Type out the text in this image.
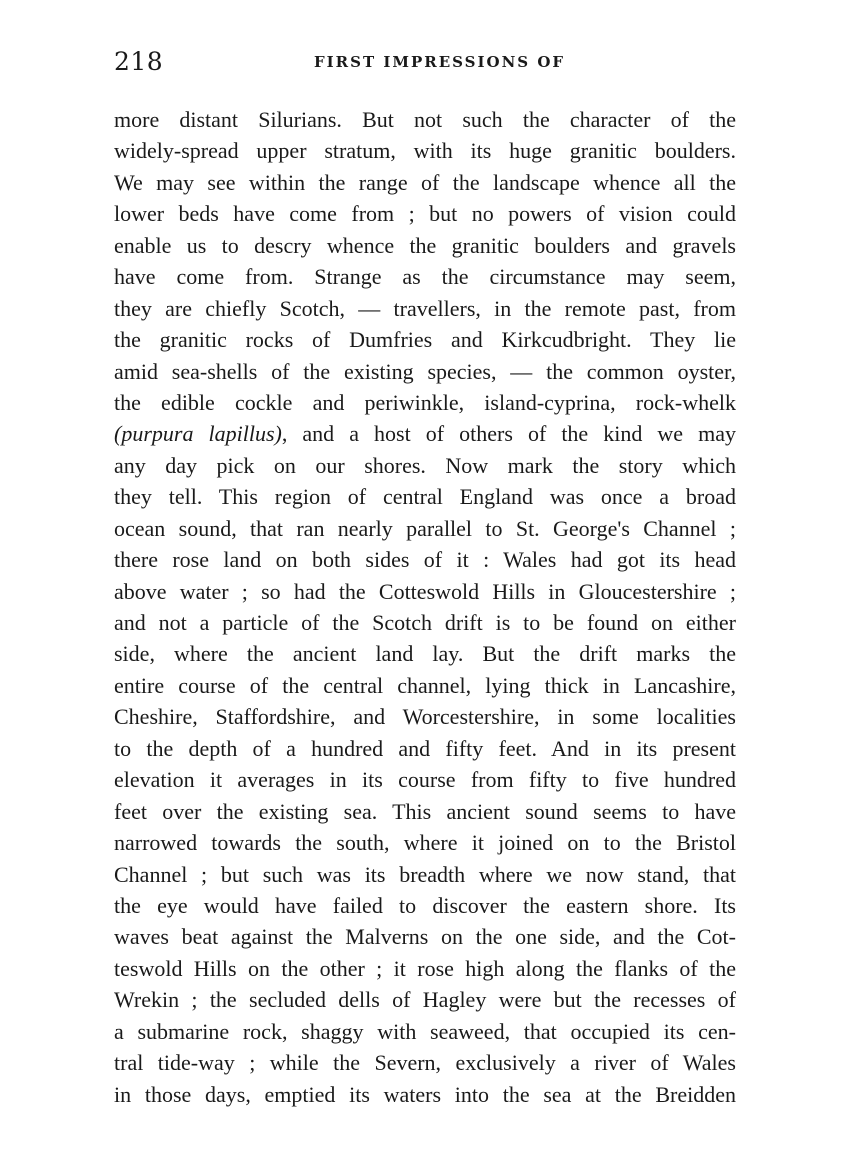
218	FIRST IMPRESSIONS OF
more distant Silurians. But not such the character of the
widely-spread upper stratum, with its huge granitic boulders.
We may see within the range of the landscape whence all the
lower beds have come from ; but no powers of vision could
enable us to descry whence the granitic boulders and gravels
have come from. Strange as the circumstance may seem,
they are chiefly Scotch, — travellers, in the remote past, from
the granitic rocks of Dumfries and Kirkcudbright. They lie
amid sea-shells of the existing species, — the common oyster,
the edible cockle and periwinkle, island-cyprina, rock-whelk
(purpura lapillus), and a host of others of the kind we may
any day pick on our shores. Now mark the story which
they tell. This region of central England was once a broad
ocean sound, that ran nearly parallel to St. George's Channel ;
there rose land on both sides of it : Wales had got its head
above water ; so had the Cotteswold Hills in Gloucestershire ;
and not a particle of the Scotch drift is to be found on either
side, where the ancient land lay. But the drift marks the
entire course of the central channel, lying thick in Lancashire,
Cheshire, Staffordshire, and Worcestershire, in some localities
to the depth of a hundred and fifty feet. And in its present
elevation it averages in its course from fifty to five hundred
feet over the existing sea. This ancient sound seems to have
narrowed towards the south, where it joined on to the Bristol
Channel ; but such was its breadth where we now stand, that
the eye would have failed to discover the eastern shore. Its
waves beat against the Malverns on the one side, and the Cot-
teswold Hills on the other ; it rose high along the flanks of the
Wrekin ; the secluded dells of Hagley were but the recesses of
a submarine rock, shaggy with seaweed, that occupied its cen-
tral tide-way ; while the Severn, exclusively a river of Wales
in those days, emptied its waters into the sea at the Breidden
